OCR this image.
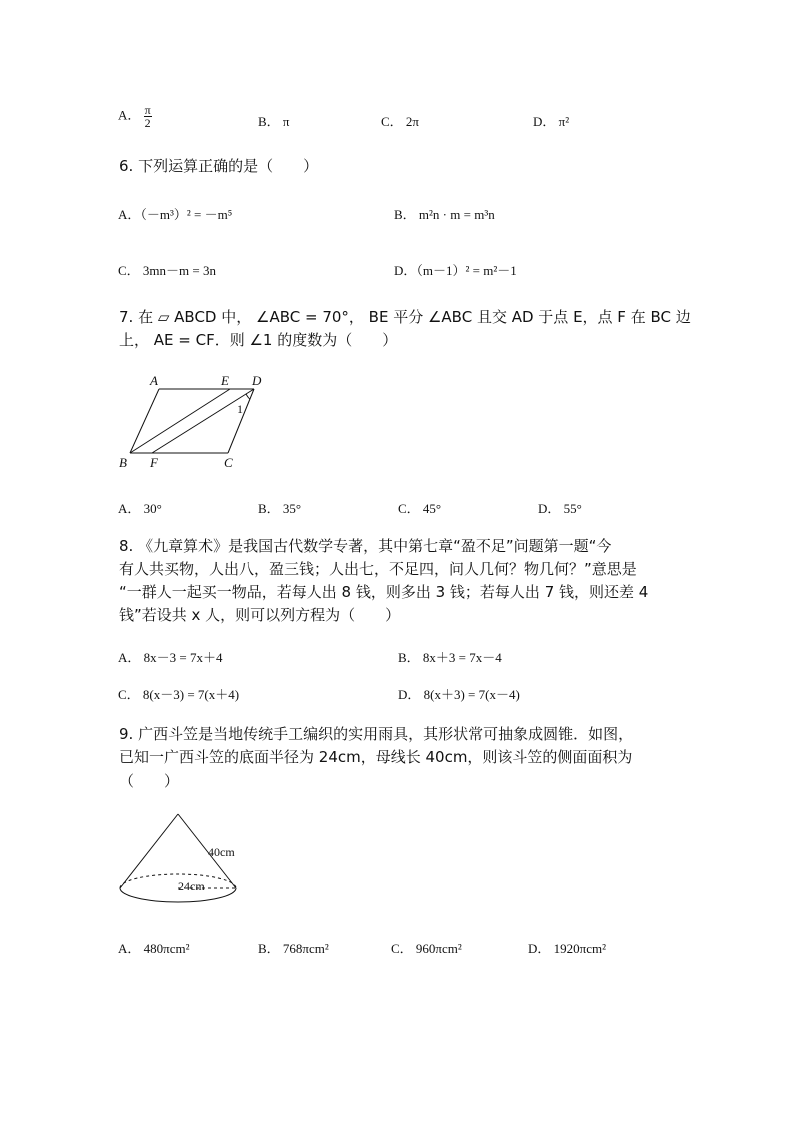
A． $\frac{\pi}{2}$	B． π	C． 2π	D． π²
6. 下列运算正确的是（　　）
A．（－m³）² = －m⁵	B． m²n · m = m³n
C． 3mn－m = 3n	D．（m－1）² = m²－1
7. 在 ▱ ABCD 中， ∠ABC = 70°， BE 平分 ∠ABC 且交 AD 于点 E，点 F 在 BC 边
上， AE = CF．则 ∠1 的度数为（　　）
A	E D
B F	C
1
A． 30°	B． 35°	C． 45°	D． 55°
8. 《九章算术》是我国古代数学专著，其中第七章“盈不足”问题第一题“今
有人共买物，人出八，盈三钱；人出七，不足四，问人几何？物几何？”意思是
“一群人一起买一物品，若每人出 8 钱，则多出 3 钱；若每人出 7 钱，则还差 4
钱”若设共 x 人，则可以列方程为（　　）
A． 8x－3 = 7x＋4	B． 8x＋3 = 7x－4
C． 8(x－3) = 7(x＋4)	D． 8(x＋3) = 7(x－4)
9. 广西斗笠是当地传统手工编织的实用雨具，其形状常可抽象成圆锥．如图，
已知一广西斗笠的底面半径为 24cm，母线长 40cm，则该斗笠的侧面面积为
（　　）
40cm
24cm
A． 480πcm²	B． 768πcm²	C． 960πcm²	D． 1920πcm²
